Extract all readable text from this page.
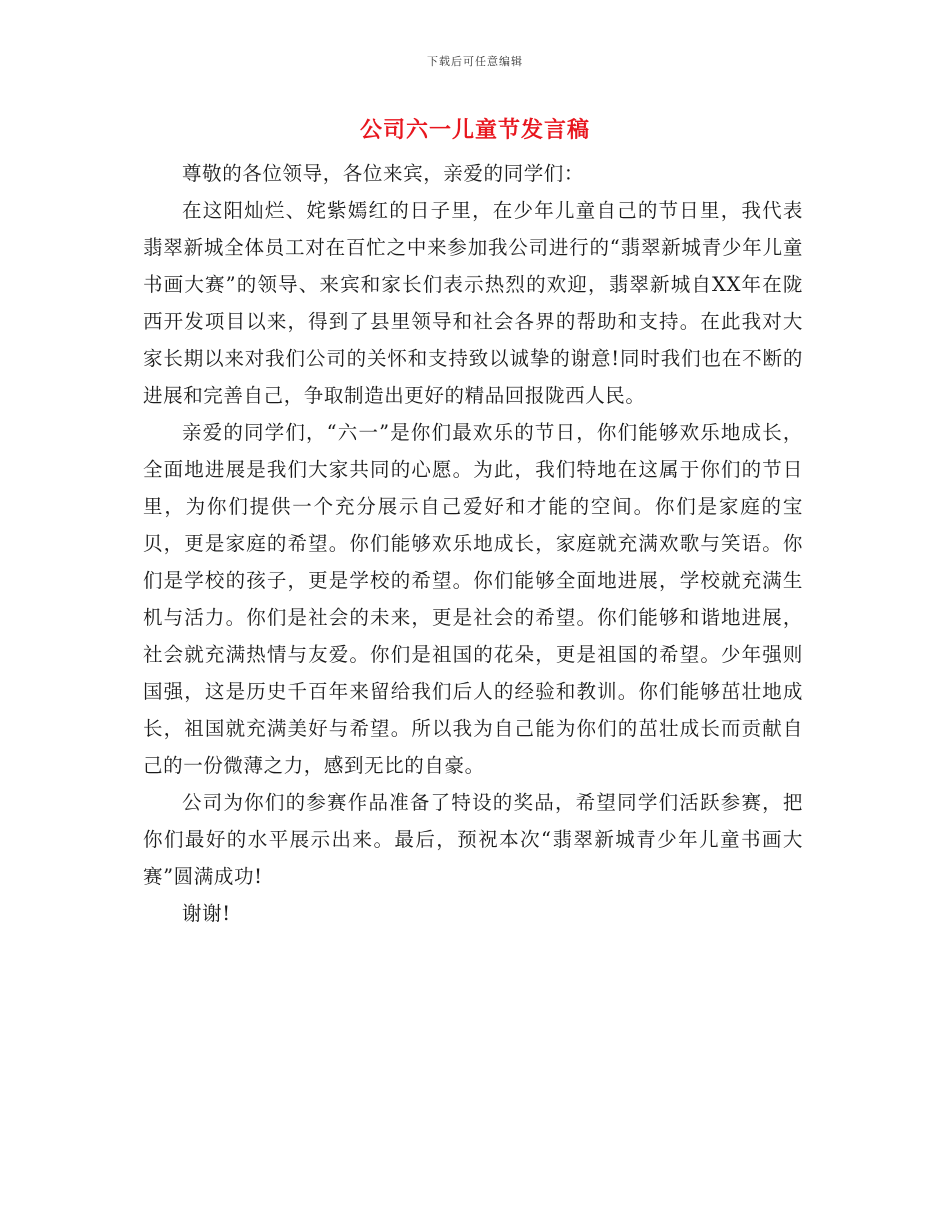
下载后可任意编辑
公司六一儿童节发言稿

尊敬的各位领导，各位来宾，亲爱的同学们：

在这阳灿烂、姹紫嫣红的日子里，在少年儿童自己的节日里，我代表翡翠新城全体员工对在百忙之中来参加我公司进行的“翡翠新城青少年儿童书画大赛”的领导、来宾和家长们表示热烈的欢迎，翡翠新城自XX年在陇西开发项目以来，得到了县里领导和社会各界的帮助和支持。在此我对大家长期以来对我们公司的关怀和支持致以诚挚的谢意!同时我们也在不断的进展和完善自己，争取制造出更好的精品回报陇西人民。

亲爱的同学们，“六一”是你们最欢乐的节日，你们能够欢乐地成长，全面地进展是我们大家共同的心愿。为此，我们特地在这属于你们的节日里，为你们提供一个充分展示自己爱好和才能的空间。你们是家庭的宝贝，更是家庭的希望。你们能够欢乐地成长，家庭就充满欢歌与笑语。你们是学校的孩子，更是学校的希望。你们能够全面地进展，学校就充满生机与活力。你们是社会的未来，更是社会的希望。你们能够和谐地进展，社会就充满热情与友爱。你们是祖国的花朵，更是祖国的希望。少年强则国强，这是历史千百年来留给我们后人的经验和教训。你们能够茁壮地成长，祖国就充满美好与希望。所以我为自己能为你们的茁壮成长而贡献自己的一份微薄之力，感到无比的自豪。

公司为你们的参赛作品准备了特设的奖品，希望同学们活跃参赛，把你们最好的水平展示出来。最后，预祝本次“翡翠新城青少年儿童书画大赛”圆满成功!

谢谢!
